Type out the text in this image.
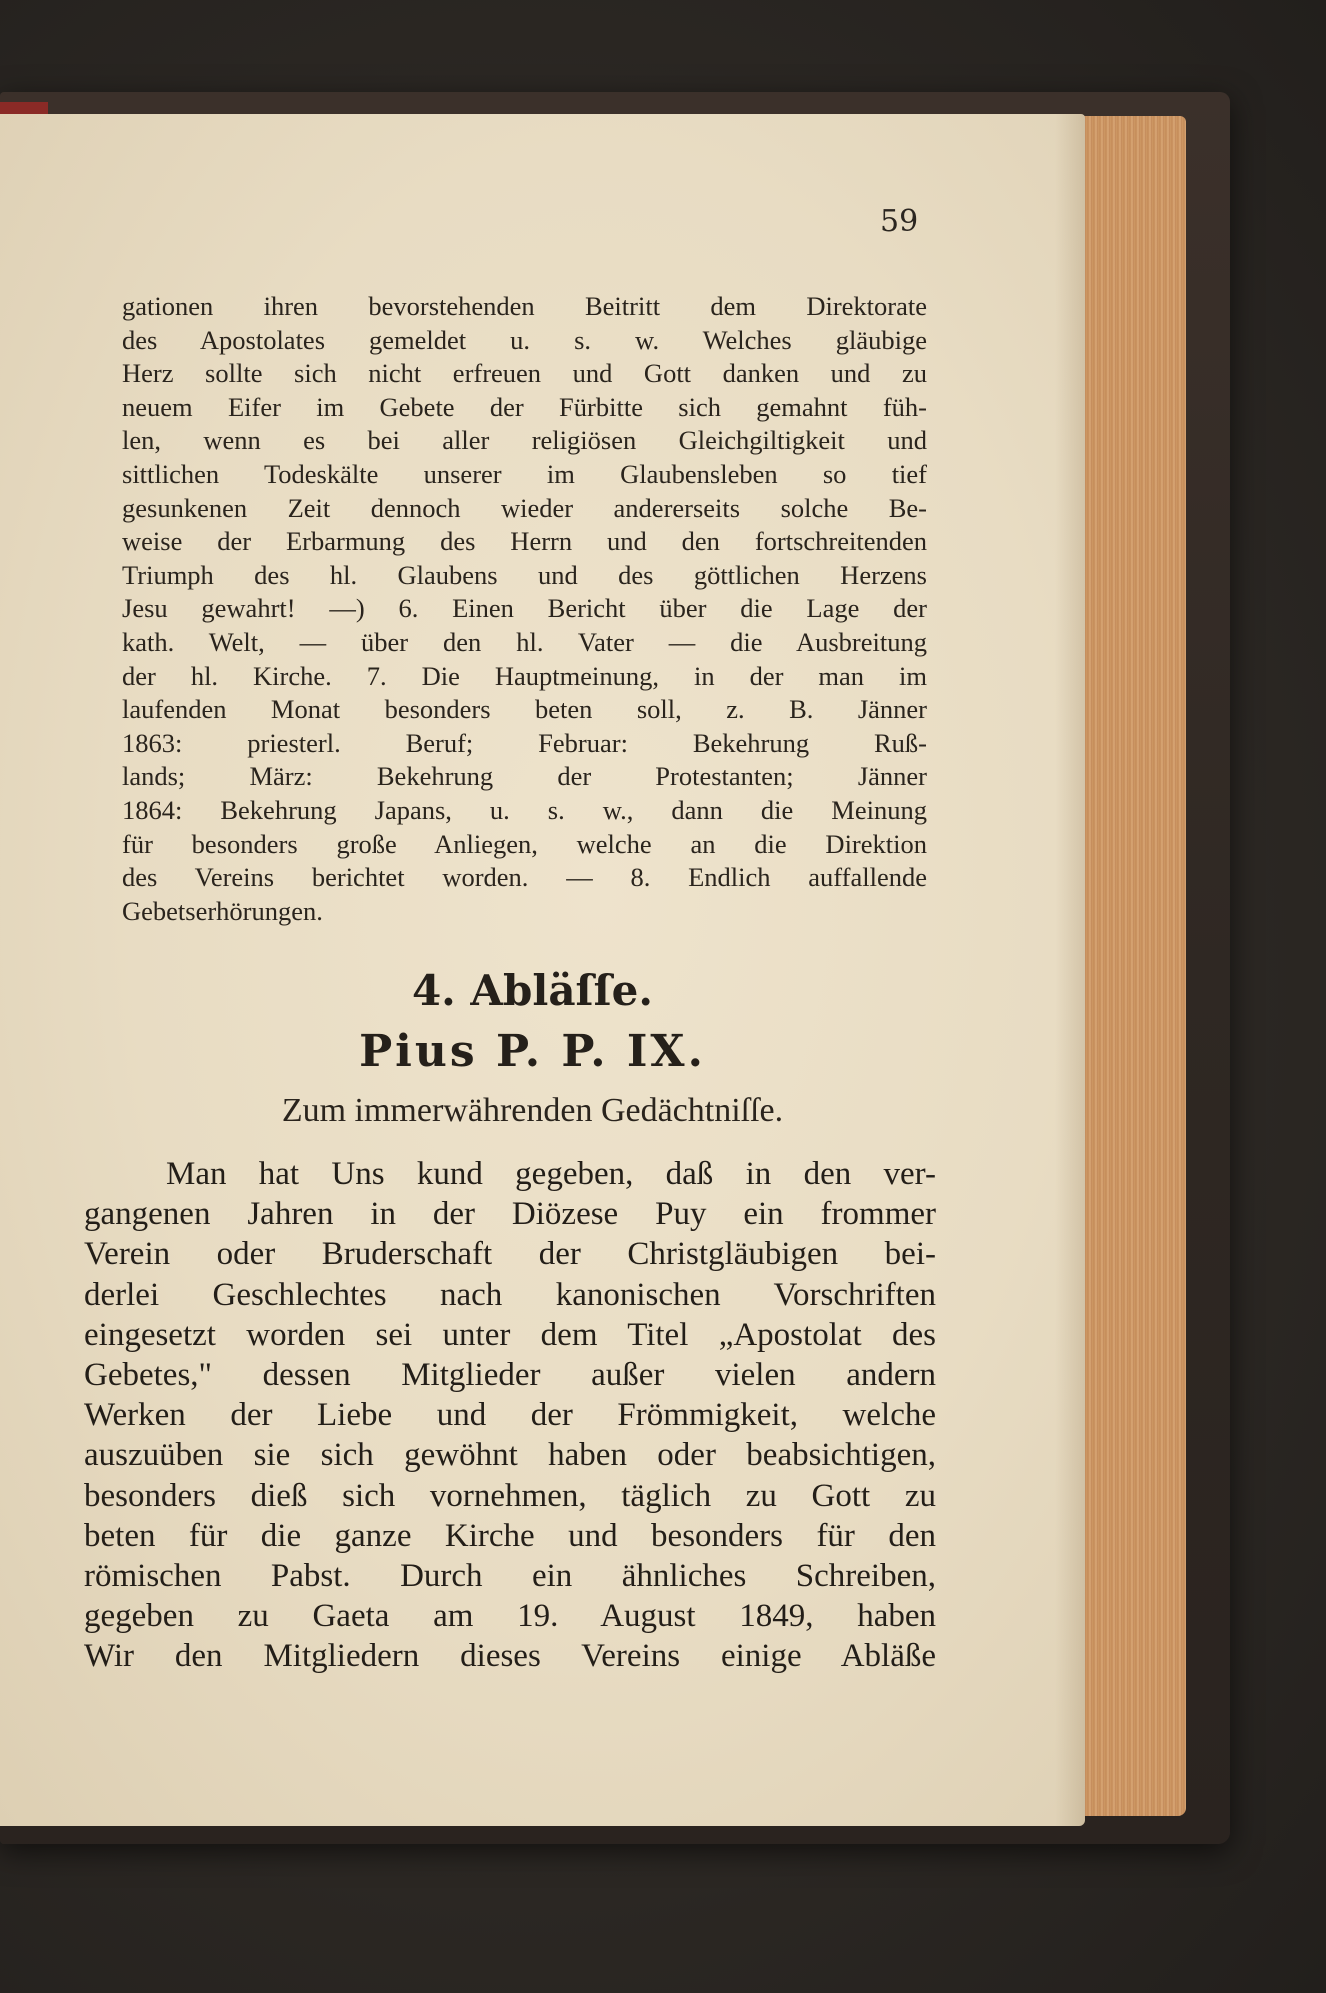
59
gationen ihren bevorstehenden Beitritt dem Direktorate
des Apostolates gemeldet u. s. w. Welches gläubige
Herz sollte sich nicht erfreuen und Gott danken und zu
neuem Eifer im Gebete der Fürbitte sich gemahnt füh-
len, wenn es bei aller religiösen Gleichgiltigkeit und
sittlichen Todeskälte unserer im Glaubensleben so tief
gesunkenen Zeit dennoch wieder andererseits solche Be-
weise der Erbarmung des Herrn und den fortschreitenden
Triumph des hl. Glaubens und des göttlichen Herzens
Jesu gewahrt! —) 6. Einen Bericht über die Lage der
kath. Welt, — über den hl. Vater — die Ausbreitung
der hl. Kirche. 7. Die Hauptmeinung, in der man im
laufenden Monat besonders beten soll, z. B. Jänner
1863: priesterl. Beruf; Februar: Bekehrung Ruß-
lands; März: Bekehrung der Protestanten; Jänner
1864: Bekehrung Japans, u. s. w., dann die Meinung
für besonders große Anliegen, welche an die Direktion
des Vereins berichtet worden. — 8. Endlich auffallende
Gebetserhörungen.
4. Abläſſe.
Pius P. P. IX.
Zum immerwährenden Gedächtniſſe.
Man hat Uns kund gegeben, daß in den ver-
gangenen Jahren in der Diözese Puy ein frommer
Verein oder Bruderschaft der Christgläubigen bei-
derlei Geschlechtes nach kanonischen Vorschriften
eingesetzt worden sei unter dem Titel „Apostolat des
Gebetes," dessen Mitglieder außer vielen andern
Werken der Liebe und der Frömmigkeit, welche
auszuüben sie sich gewöhnt haben oder beabsichtigen,
besonders dieß sich vornehmen, täglich zu Gott zu
beten für die ganze Kirche und besonders für den
römischen Pabst. Durch ein ähnliches Schreiben,
gegeben zu Gaeta am 19. August 1849, haben
Wir den Mitgliedern dieses Vereins einige Abläße
